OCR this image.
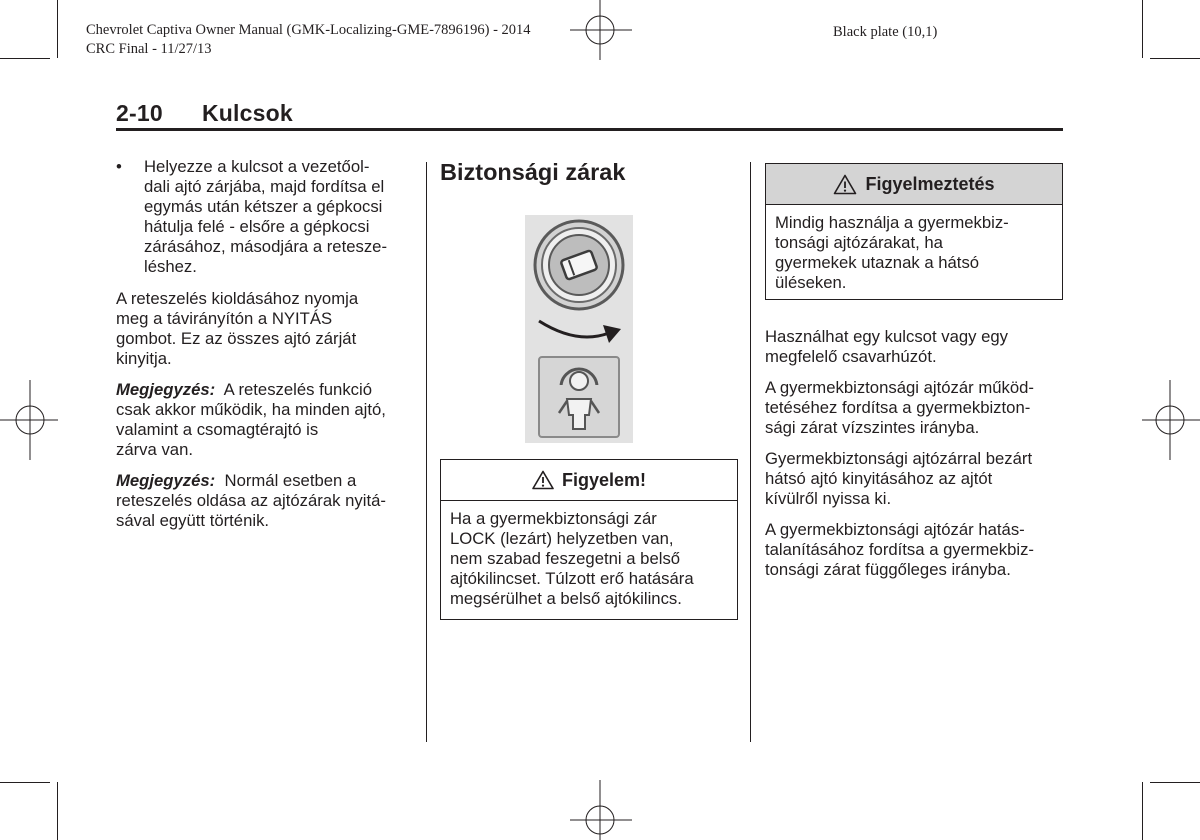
Chevrolet Captiva Owner Manual (GMK-Localizing-GME-7896196) - 2014
CRC Final - 11/27/13
Black plate (10,1)
2-10 Kulcsok
• Helyezze a kulcsot a vezetőol-
dali ajtó zárjába, majd fordítsa el
egymás után kétszer a gépkocsi
hátulja felé - elsőre a gépkocsi
zárásához, másodjára a retesze-
léshez.

A reteszelés kioldásához nyomja
meg a távirányítón a NYITÁS
gombot. Ez az összes ajtó zárját
kinyitja.

Megjegyzés: A reteszelés funkció
csak akkor működik, ha minden ajtó,
valamint a csomagtérajtó is
zárva van.

Megjegyzés: Normál esetben a
reteszelés oldása az ajtózárak nyitá-
sával együtt történik.

Biztonsági zárak
Figyelem!
Ha a gyermekbiztonsági zár
LOCK (lezárt) helyzetben van,
nem szabad feszegetni a belső
ajtókilincset. Túlzott erő hatására
megsérülhet a belső ajtókilincs.
Figyelmeztetés
Mindig használja a gyermekbiz-
tonsági ajtózárakat, ha
gyermekek utaznak a hátsó
üléseken.

Használhat egy kulcsot vagy egy
megfelelő csavarhúzót.

A gyermekbiztonsági ajtózár működ-
tetéséhez fordítsa a gyermekbizton-
sági zárat vízszintes irányba.

Gyermekbiztonsági ajtózárral bezárt
hátsó ajtó kinyitásához az ajtót
kívülről nyissa ki.

A gyermekbiztonsági ajtózár hatás-
talanításához fordítsa a gyermekbiz-
tonsági zárat függőleges irányba.
